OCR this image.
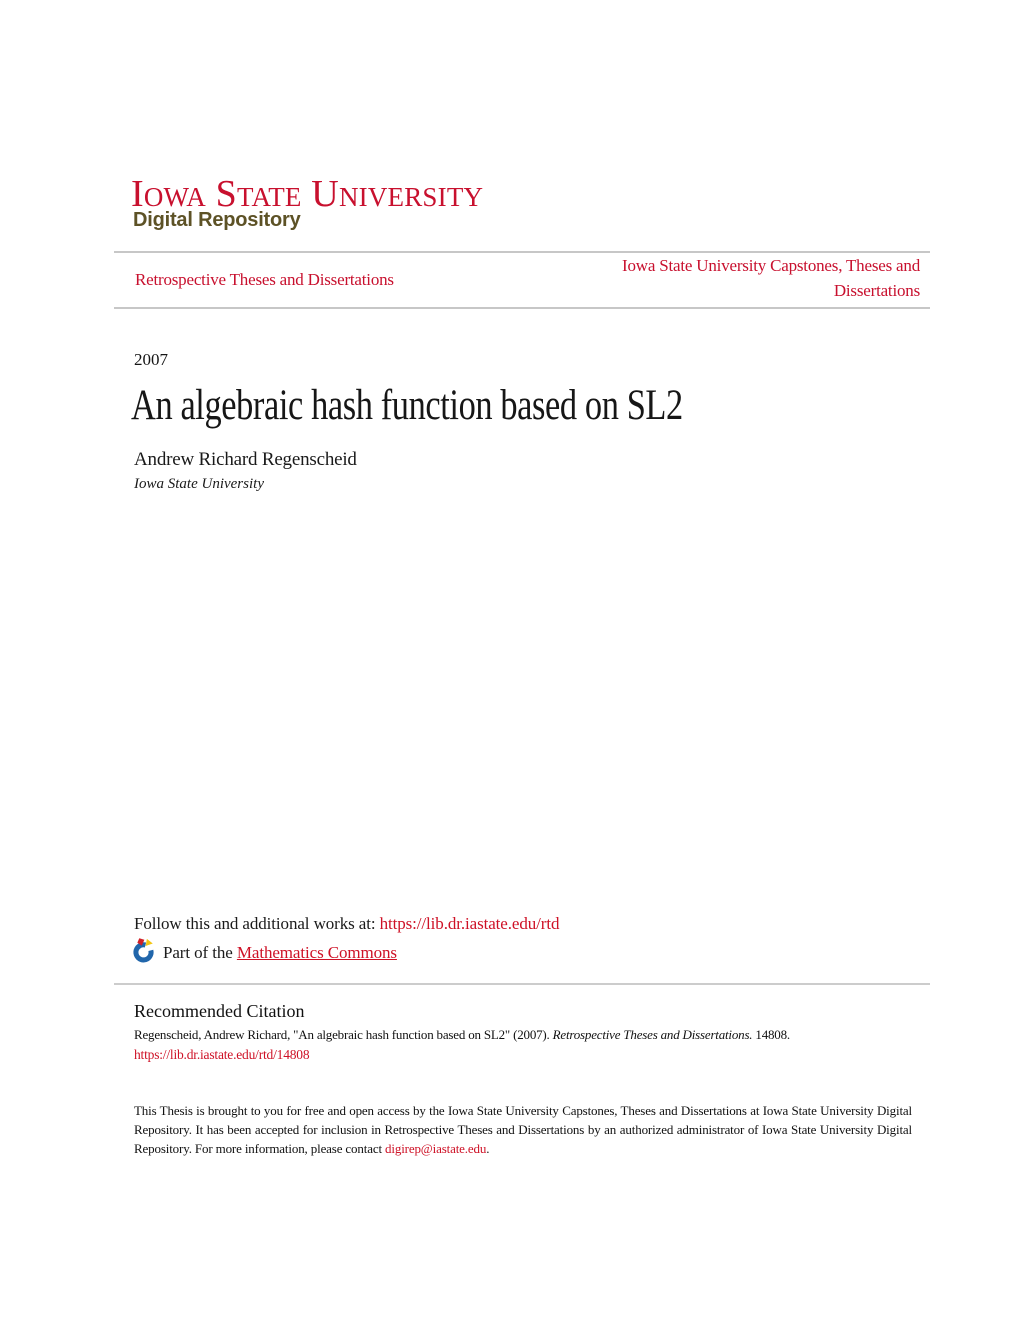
Iowa State University
Digital Repository
Retrospective Theses and Dissertations
Iowa State University Capstones, Theses and Dissertations
2007
An algebraic hash function based on SL2
Andrew Richard Regenscheid
Iowa State University
Follow this and additional works at: https://lib.dr.iastate.edu/rtd
Part of the Mathematics Commons
Recommended Citation
Regenscheid, Andrew Richard, "An algebraic hash function based on SL2" (2007). Retrospective Theses and Dissertations. 14808.
https://lib.dr.iastate.edu/rtd/14808
This Thesis is brought to you for free and open access by the Iowa State University Capstones, Theses and Dissertations at Iowa State University Digital Repository. It has been accepted for inclusion in Retrospective Theses and Dissertations by an authorized administrator of Iowa State University Digital Repository. For more information, please contact digirep@iastate.edu.
